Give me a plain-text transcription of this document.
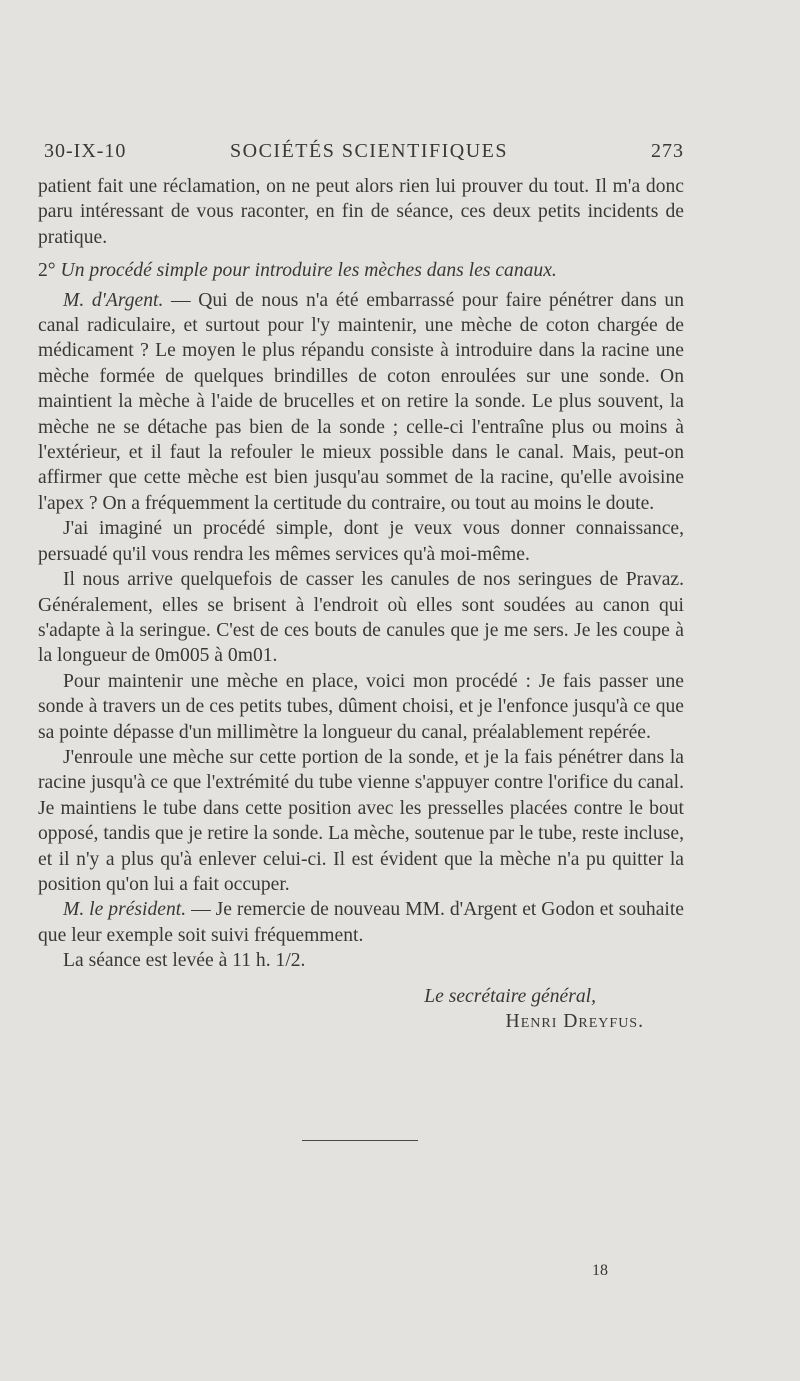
30-IX-10	SOCIÉTÉS SCIENTIFIQUES	273

patient fait une réclamation, on ne peut alors rien lui prouver du tout. Il m'a donc paru intéressant de vous raconter, en fin de séance, ces deux petits incidents de pratique.

2° Un procédé simple pour introduire les mèches dans les canaux.

M. d'Argent. — Qui de nous n'a été embarrassé pour faire pénétrer dans un canal radiculaire, et surtout pour l'y maintenir, une mèche de coton chargée de médicament ? Le moyen le plus répandu consiste à introduire dans la racine une mèche formée de quelques brindilles de coton enroulées sur une sonde. On maintient la mèche à l'aide de brucelles et on retire la sonde. Le plus souvent, la mèche ne se détache pas bien de la sonde ; celle-ci l'entraîne plus ou moins à l'extérieur, et il faut la refouler le mieux possible dans le canal. Mais, peut-on affirmer que cette mèche est bien jusqu'au sommet de la racine, qu'elle avoisine l'apex ? On a fréquemment la certitude du contraire, ou tout au moins le doute.

J'ai imaginé un procédé simple, dont je veux vous donner connaissance, persuadé qu'il vous rendra les mêmes services qu'à moi-même.

Il nous arrive quelquefois de casser les canules de nos seringues de Pravaz. Généralement, elles se brisent à l'endroit où elles sont soudées au canon qui s'adapte à la seringue. C'est de ces bouts de canules que je me sers. Je les coupe à la longueur de 0m005 à 0m01.

Pour maintenir une mèche en place, voici mon procédé : Je fais passer une sonde à travers un de ces petits tubes, dûment choisi, et je l'enfonce jusqu'à ce que sa pointe dépasse d'un millimètre la longueur du canal, préalablement repérée.

J'enroule une mèche sur cette portion de la sonde, et je la fais pénétrer dans la racine jusqu'à ce que l'extrémité du tube vienne s'appuyer contre l'orifice du canal. Je maintiens le tube dans cette position avec les presselles placées contre le bout opposé, tandis que je retire la sonde. La mèche, soutenue par le tube, reste incluse, et il n'y a plus qu'à enlever celui-ci. Il est évident que la mèche n'a pu quitter la position qu'on lui a fait occuper.

M. le président. — Je remercie de nouveau MM. d'Argent et Godon et souhaite que leur exemple soit suivi fréquemment.

La séance est levée à 11 h. 1/2.

Le secrétaire général,

Henri Dreyfus.

18
